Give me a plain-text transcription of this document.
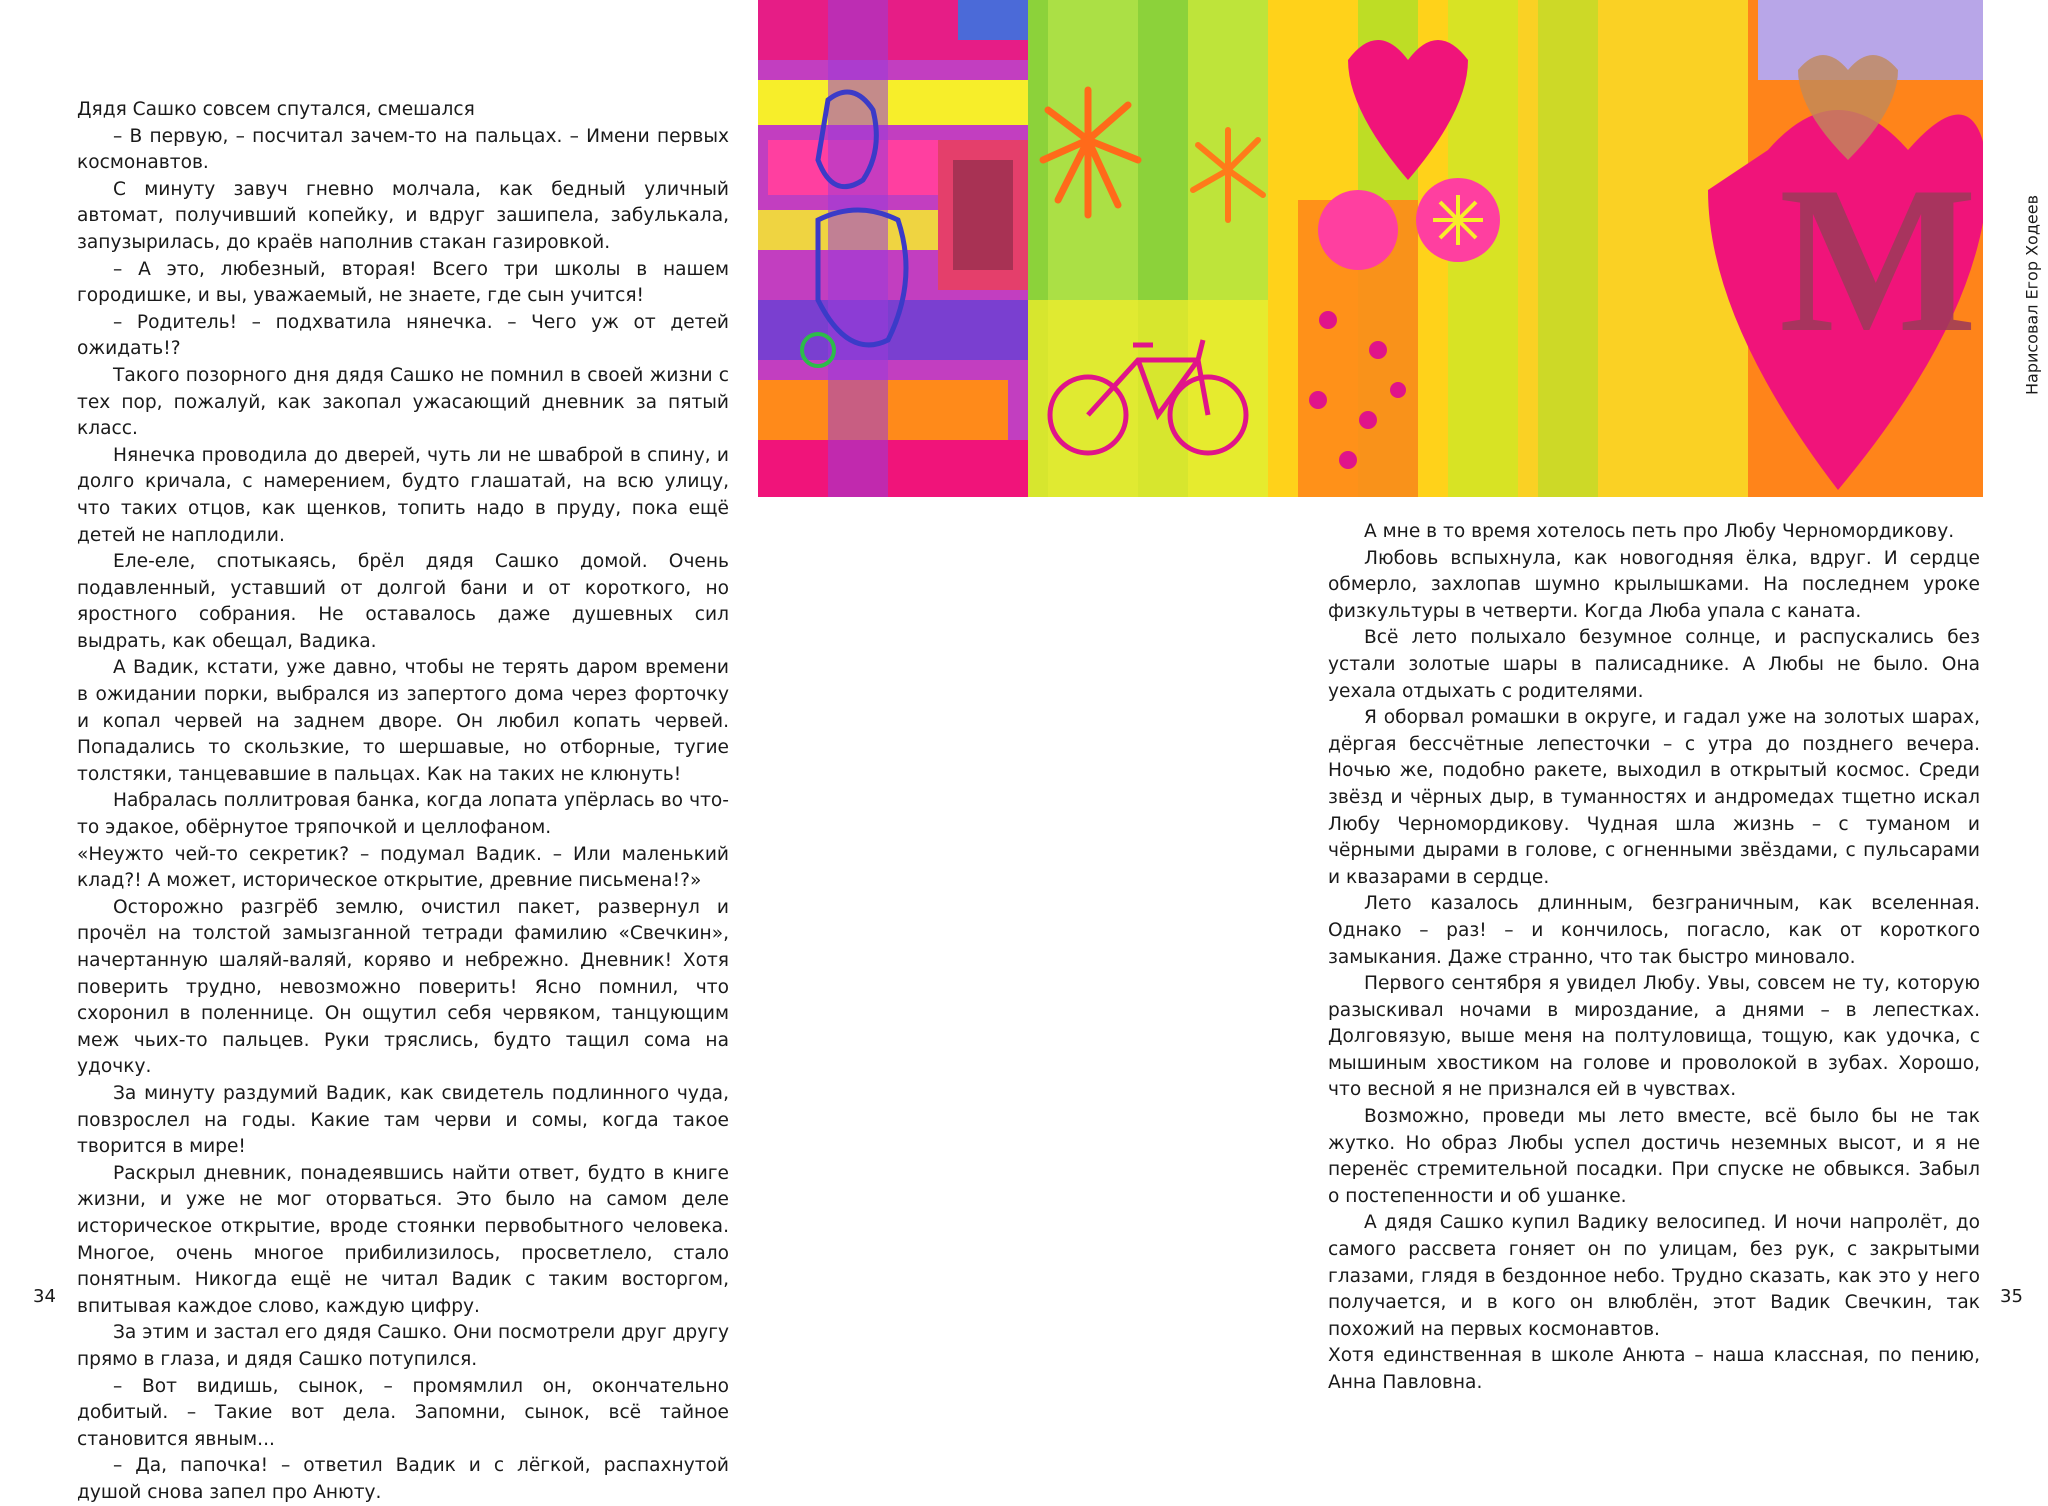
Дядя Сашко совсем спутался, смешался

– В первую, – посчитал зачем-то на пальцах. – Имени первых космонавтов.

С минуту завуч гневно молчала, как бедный уличный автомат, получивший копейку, и вдруг зашипела, забулькала, запузырилась, до краёв наполнив стакан газировкой.

– А это, любезный, вторая! Всего три школы в нашем городишке, и вы, уважаемый, не знаете, где сын учится!

– Родитель! – подхватила нянечка. – Чего уж от детей ожидать!?

Такого позорного дня дядя Сашко не помнил в своей жизни с тех пор, пожалуй, как закопал ужасающий дневник за пятый класс.

Нянечка проводила до дверей, чуть ли не шваброй в спину, и долго кричала, с намерением, будто глашатай, на всю улицу, что таких отцов, как щенков, топить надо в пруду, пока ещё детей не наплодили.

Еле-еле, спотыкаясь, брёл дядя Сашко домой. Очень подавленный, уставший от долгой бани и от короткого, но яростного собрания. Не оставалось даже душевных сил выдрать, как обещал, Вадика.

А Вадик, кстати, уже давно, чтобы не терять даром времени в ожидании порки, выбрался из запертого дома через форточку и копал червей на заднем дворе. Он любил копать червей. Попадались то скользкие, то шершавые, но отборные, тугие толстяки, танцевавшие в пальцах. Как на таких не клюнуть!

Набралась поллитровая банка, когда лопата упёрлась во что-то эдакое, обёрнутое тряпочкой и целлофаном.

«Неужто чей-то секретик? – подумал Вадик. – Или маленький клад?! А может, историческое открытие, древние письмена!?»

Осторожно разгрёб землю, очистил пакет, развернул и прочёл на толстой замызганной тетради фамилию «Свечкин», начертанную шаляй-валяй, коряво и небрежно. Дневник! Хотя поверить трудно, невозможно поверить! Ясно помнил, что схоронил в поленнице. Он ощутил себя червяком, танцующим меж чьих-то пальцев. Руки тряслись, будто тащил сома на удочку.

За минуту раздумий Вадик, как свидетель подлинного чуда, повзрослел на годы. Какие там черви и сомы, когда такое творится в мире!

Раскрыл дневник, понадеявшись найти ответ, будто в книге жизни, и уже не мог оторваться. Это было на самом деле историческое открытие, вроде стоянки первобытного человека. Многое, очень многое прибилизилось, просветлело, стало понятным. Никогда ещё не читал Вадик с таким восторгом, впитывая каждое слово, каждую цифру.

За этим и застал его дядя Сашко. Они посмотрели друг другу прямо в глаза, и дядя Сашко потупился.

– Вот видишь, сынок, – промямлил он, окончательно добитый. – Такие вот дела. Запомни, сынок, всё тайное становится явным...

– Да, папочка! – ответил Вадик и с лёгкой, распахнутой душой снова запел про Анюту.

34
M

А мне в то время хотелось петь про Любу Черномордикову.

Любовь вспыхнула, как новогодняя ёлка, вдруг. И сердце обмерло, захлопав шумно крылышками. На последнем уроке физкультуры в четверти. Когда Люба упала с каната.

Всё лето полыхало безумное солнце, и распускались без устали золотые шары в палисаднике. А Любы не было. Она уехала отдыхать с родителями.

Я оборвал ромашки в округе, и гадал уже на золотых шарах, дёргая бессчётные лепесточки – с утра до позднего вечера. Ночью же, подобно ракете, выходил в открытый космос. Среди звёзд и чёрных дыр, в туманностях и андромедах тщетно искал Любу Черномордикову. Чудная шла жизнь – с туманом и чёрными дырами в голове, с огненными звёздами, с пульсарами и квазарами в сердце.

Лето казалось длинным, безграничным, как вселенная. Однако – раз! – и кончилось, погасло, как от короткого замыкания. Даже странно, что так быстро миновало.

Первого сентября я увидел Любу. Увы, совсем не ту, которую разыскивал ночами в мироздание, а днями – в лепестках. Долговязую, выше меня на полтуловища, тощую, как удочка, с мышиным хвостиком на голове и проволокой в зубах. Хорошо, что весной я не признался ей в чувствах.

Возможно, проведи мы лето вместе, всё было бы не так жутко. Но образ Любы успел достичь неземных высот, и я не перенёс стремительной посадки. При спуске не обвыкся. Забыл о постепенности и об ушанке.

А дядя Сашко купил Вадику велосипед. И ночи напролёт, до самого рассвета гоняет он по улицам, без рук, с закрытыми глазами, глядя в бездонное небо. Трудно сказать, как это у него получается, и в кого он влюблён, этот Вадик Свечкин, так похожий на первых космонавтов.

Хотя единственная в школе Анюта – наша классная, по пению, Анна Павловна.

Нарисовал Егор Ходеев
35
